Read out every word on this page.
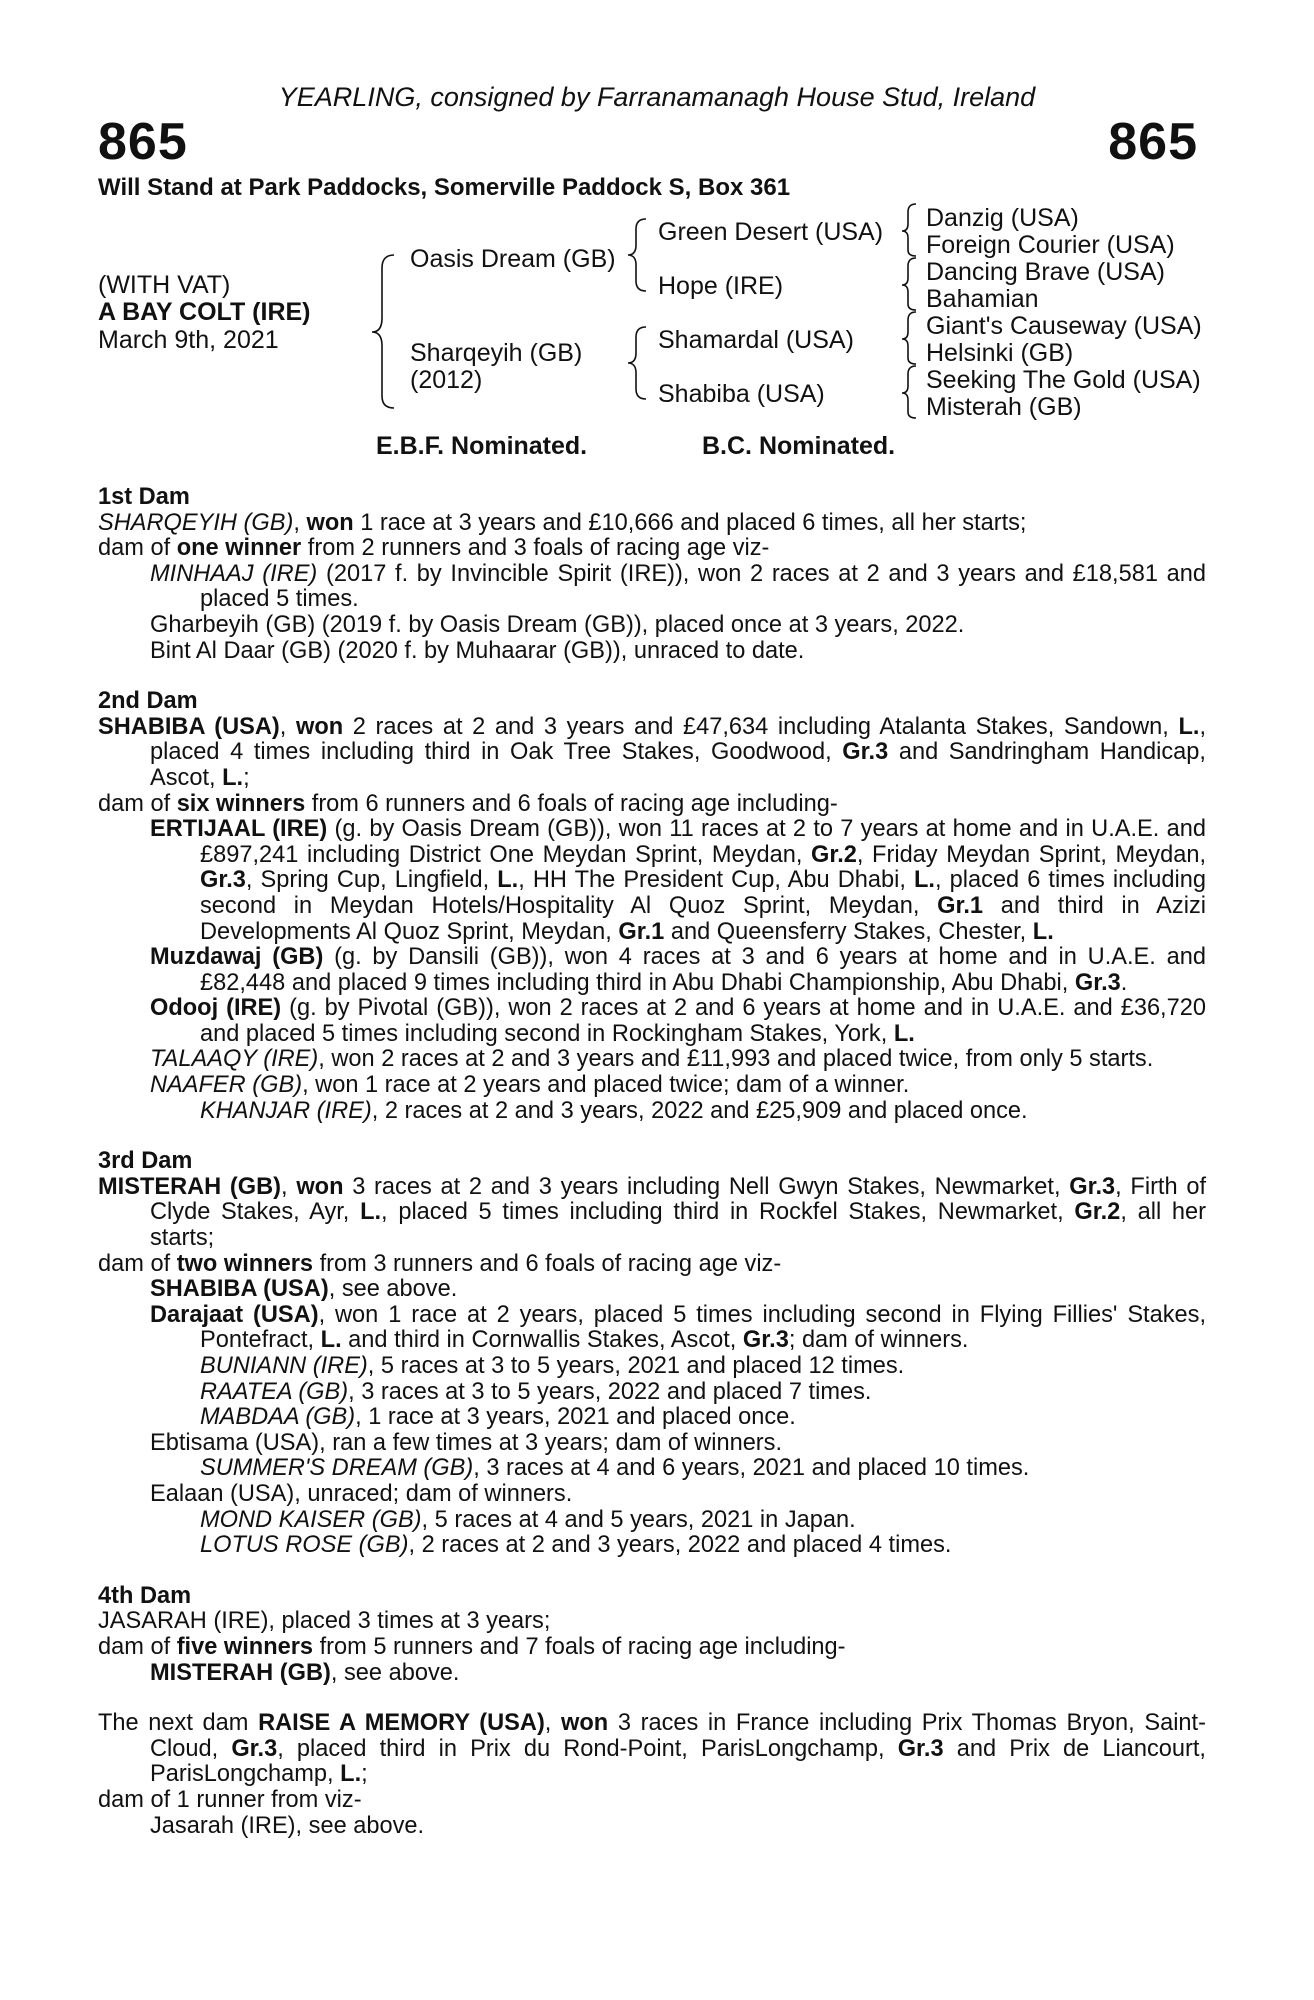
YEARLING, consigned by Farranamanagh House Stud, Ireland
865	865
Will Stand at Park Paddocks, Somerville Paddock S, Box 361
(WITH VAT)
A BAY COLT (IRE)
March 9th, 2021
Oasis Dream (GB)
Sharqeyih (GB)
(2012)
Green Desert (USA)
Hope (IRE)
Shamardal (USA)
Shabiba (USA)
Danzig (USA)
Foreign Courier (USA)
Dancing Brave (USA)
Bahamian
Giant's Causeway (USA)
Helsinki (GB)
Seeking The Gold (USA)
Misterah (GB)
E.B.F. Nominated.	B.C. Nominated.
1st Dam
SHARQEYIH (GB), won 1 race at 3 years and £10,666 and placed 6 times, all her starts;
dam of one winner from 2 runners and 3 foals of racing age viz-
MINHAAJ (IRE) (2017 f. by Invincible Spirit (IRE)), won 2 races at 2 and 3 years and £18,581 and placed 5 times.
Gharbeyih (GB) (2019 f. by Oasis Dream (GB)), placed once at 3 years, 2022.
Bint Al Daar (GB) (2020 f. by Muhaarar (GB)), unraced to date.
2nd Dam
SHABIBA (USA), won 2 races at 2 and 3 years and £47,634 including Atalanta Stakes, Sandown, L., placed 4 times including third in Oak Tree Stakes, Goodwood, Gr.3 and Sandringham Handicap, Ascot, L.;
dam of six winners from 6 runners and 6 foals of racing age including-
ERTIJAAL (IRE) (g. by Oasis Dream (GB)), won 11 races at 2 to 7 years at home and in U.A.E. and £897,241 including District One Meydan Sprint, Meydan, Gr.2, Friday Meydan Sprint, Meydan, Gr.3, Spring Cup, Lingfield, L., HH The President Cup, Abu Dhabi, L., placed 6 times including second in Meydan Hotels/Hospitality Al Quoz Sprint, Meydan, Gr.1 and third in Azizi Developments Al Quoz Sprint, Meydan, Gr.1 and Queensferry Stakes, Chester, L.
Muzdawaj (GB) (g. by Dansili (GB)), won 4 races at 3 and 6 years at home and in U.A.E. and £82,448 and placed 9 times including third in Abu Dhabi Championship, Abu Dhabi, Gr.3.
Odooj (IRE) (g. by Pivotal (GB)), won 2 races at 2 and 6 years at home and in U.A.E. and £36,720 and placed 5 times including second in Rockingham Stakes, York, L.
TALAAQY (IRE), won 2 races at 2 and 3 years and £11,993 and placed twice, from only 5 starts.
NAAFER (GB), won 1 race at 2 years and placed twice; dam of a winner.
KHANJAR (IRE), 2 races at 2 and 3 years, 2022 and £25,909 and placed once.
3rd Dam
MISTERAH (GB), won 3 races at 2 and 3 years including Nell Gwyn Stakes, Newmarket, Gr.3, Firth of Clyde Stakes, Ayr, L., placed 5 times including third in Rockfel Stakes, Newmarket, Gr.2, all her starts;
dam of two winners from 3 runners and 6 foals of racing age viz-
SHABIBA (USA), see above.
Darajaat (USA), won 1 race at 2 years, placed 5 times including second in Flying Fillies' Stakes, Pontefract, L. and third in Cornwallis Stakes, Ascot, Gr.3; dam of winners.
BUNIANN (IRE), 5 races at 3 to 5 years, 2021 and placed 12 times.
RAATEA (GB), 3 races at 3 to 5 years, 2022 and placed 7 times.
MABDAA (GB), 1 race at 3 years, 2021 and placed once.
Ebtisama (USA), ran a few times at 3 years; dam of winners.
SUMMER'S DREAM (GB), 3 races at 4 and 6 years, 2021 and placed 10 times.
Ealaan (USA), unraced; dam of winners.
MOND KAISER (GB), 5 races at 4 and 5 years, 2021 in Japan.
LOTUS ROSE (GB), 2 races at 2 and 3 years, 2022 and placed 4 times.
4th Dam
JASARAH (IRE), placed 3 times at 3 years;
dam of five winners from 5 runners and 7 foals of racing age including-
MISTERAH (GB), see above.
The next dam RAISE A MEMORY (USA), won 3 races in France including Prix Thomas Bryon, Saint-Cloud, Gr.3, placed third in Prix du Rond-Point, ParisLongchamp, Gr.3 and Prix de Liancourt, ParisLongchamp, L.;
dam of 1 runner from viz-
Jasarah (IRE), see above.
